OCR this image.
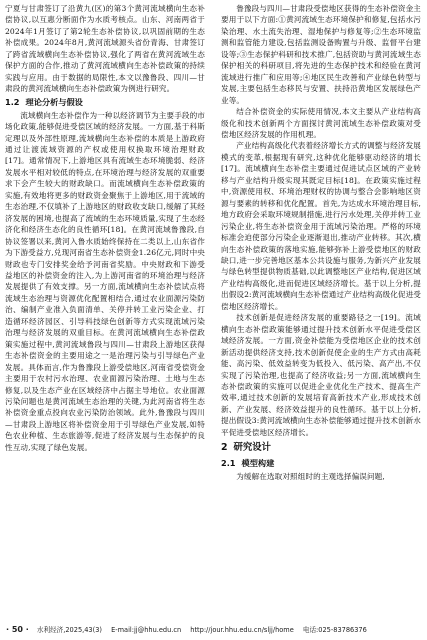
宁夏与甘肃签订了沿黄九(区)的第3个黄河流域横向生态补偿协议,以互惠分断面作为水质考核点。山东、河南两省于2024年1月签订了第2轮生态补偿协议,以巩固前期的生态补偿成果。2024年8月,黄河流域源头省份青海、甘肃签订了跨省流域横向生态补偿协议,强化了两省在黄河流域生态保护方面的合作,推动了黄河流域横向生态补偿政策的持续实践与应用。由于数据的局限性,本文以豫鲁段、四川—甘肃段的黄河流域横向生态补偿政策为例进行研究。

1.2 理论分析与假设

流域横向生态补偿作为一种以经济调节为主要手段的市场化政策,能够促进受偿区域的经济发展。一方面,基于科斯定理以及外部性原理,流域横向生态补偿的本质是上游政府通过让渡流域资源的产权或使用权换取环境治理财政[17]。通常情况下,上游地区具有流域生态环境脆弱、经济发展水平相对较低的特点,在环境治理与经济发展的双重要求下会产生较大的财政缺口。而流域横向生态补偿政策的实施,有效地将更多的财政资金聚焦于上游地区,用于流域的生态治理,不仅填补了上游地区的财政收支缺口,缓解了其经济发展的困境,也提高了流域的生态环境质量,实现了生态经济化和经济生态化的良性循环[18]。在黄河流域鲁豫段,自协议签署以来,黄河入鲁水质始终保持在二类以上,山东省作为下游受益方,兑现河南省生态补偿资金1.26亿元,同时中央财政也专门安排奖金给予河南省奖励。中央财政和下游受益地区的补偿资金的注入,为上游河南省的环境治理与经济发展提供了有效支撑。另一方面,流域横向生态补偿试点将流域生态治理与资源优化配置相结合,通过农业面源污染防治、编制产业准入负面清单、关停并转工业污染企业、打造循环经济园区、引导科技绿色创新等方式实现流域污染治理与经济发展的双重目标。在黄河流域横向生态补偿政策实施过程中,黄河流域鲁段与四川—甘肃段上游地区获得生态补偿资金的主要用途之一是治理污染与引导绿色产业发展。具体而言,作为鲁豫段上游受偿地区,河南省受偿资金主要用于农村污水治理、农业面源污染治理、土地与生态修复,以及生态产业在区域经济中占据主导地位。农业面源污染问题也是黄河流域生态治理的关键,为此河南省将生态补偿资金重点投向农业污染防治领域。此外,鲁豫段与四川—甘肃段上游地区将补偿资金用于引导绿色产业发展,如特色农业种植、生态旅游等,促进了经济发展与生态保护的良性互动,实现了绿色发展。

鲁豫段与四川—甘肃段受偿地区获得的生态补偿资金主要用于以下方面:①黄河流域生态环境保护和修复,包括水污染治理、水土流失治理、湿地保护与修复等;②生态环境监测和监管能力建设,包括监测设备购置与升级、监督平台建设等;③生态保护科研和技术推广,包括资助与黄河流域生态保护相关的科研项目,将先进的生态保护技术和经验在黄河流域进行推广和应用等;④地区民生改善和产业绿色转型与发展,主要包括生态移民与安置、扶持沿黄地区发展绿色产业等。

结合补偿资金的实际使用情况,本文主要从产业结构高级化和技术创新两个方面探讨黄河流域生态补偿政策对受偿地区经济发展的作用机理。

产业结构高级化代表着经济增长方式的调整与经济发展模式的变革,根据现有研究,这种优化能够驱动经济的增长[17]。流域横向生态补偿主要通过促进试点区域的产业转移与产业结构升级实现其既定目标[18]。在政策实施过程中,资源使用权、环境治理财权的协调与整合会影响地区资源与要素的转移和优化配置。首先,为达成水环境治理目标,地方政府会采取环境规制措施,进行污水处理,关停并转工业污染企业,将生态补偿资金用于流域污染治理。严格的环境标准会迫使部分污染企业逐渐退出,推动产业转移。其次,横向生态补偿政策的落地实施,能够弥补上游受偿地区的财政缺口,进一步完善地区基本公共设施与服务,为新兴产业发展与绿色转型提供物质基础,以此调整地区产业结构,促进区域产业结构高级化,进而促进区域经济增长。基于以上分析,提出假设2:黄河流域横向生态补偿通过产业结构高级化促进受偿地区经济增长。

技术创新是促进经济发展的重要路径之一[19]。流域横向生态补偿政策能够通过提升技术创新水平促进受偿区域经济发展。一方面,资金补偿能为受偿地区企业的技术创新活动提供经济支持,技术创新促使企业的生产方式由高耗能、高污染、低效益转变为低投入、低污染、高产出,不仅实现了污染治理,也提高了经济收益;另一方面,流域横向生态补偿政策的实施可以促进企业优化生产技术、提高生产效率,通过技术创新的发展培育高新技术产业,形成技术创新、产业发展、经济效益提升的良性循环。基于以上分析,提出假设3:黄河流域横向生态补偿能够通过提升技术创新水平促进受偿地区经济增长。

2 研究设计
2.1 模型构建

为缓解在选取对照组时的主观选择偏误问题,

· 50 · 水利经济,2025,43(3) E-mail:jj@hhu.edu.cn http://jour.hhu.edu.cn/sljj/home 电话:025-83786376
